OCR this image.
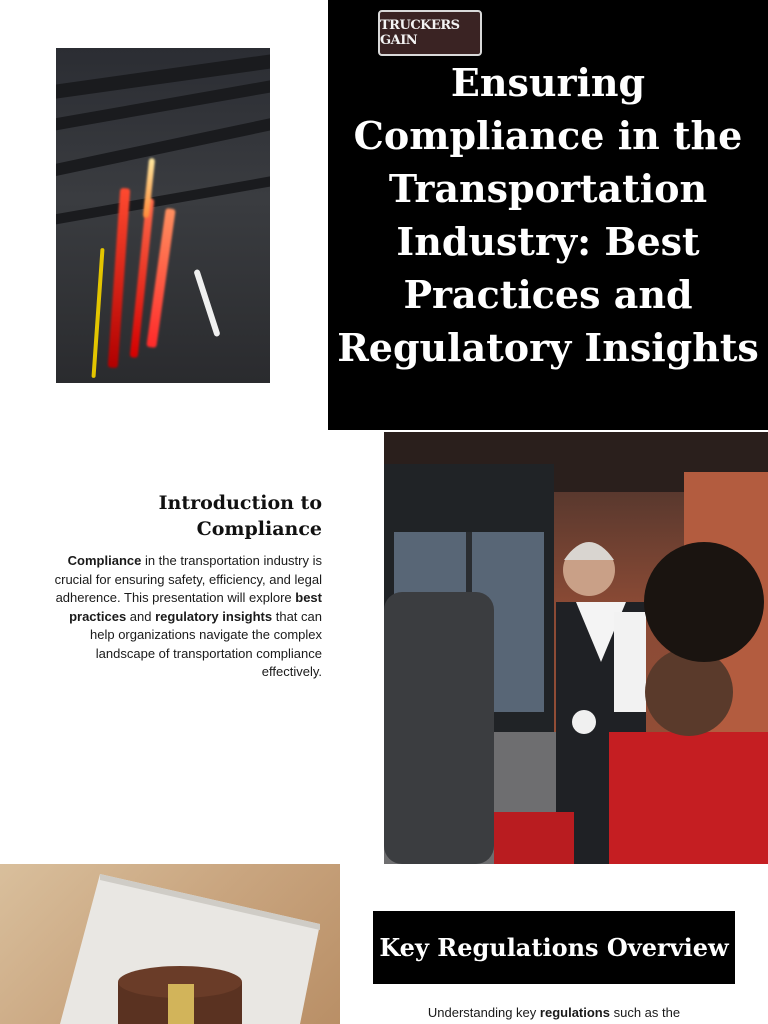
TRUCKERS GAIN
Ensuring Compliance in the Transportation Industry: Best Practices and Regulatory Insights
Introduction to Compliance

Compliance in the transportation industry is crucial for ensuring safety, efficiency, and legal adherence. This presentation will explore best practices and regulatory insights that can help organizations navigate the complex landscape of transportation compliance effectively.

Key Regulations Overview

Understanding key regulations such as the
